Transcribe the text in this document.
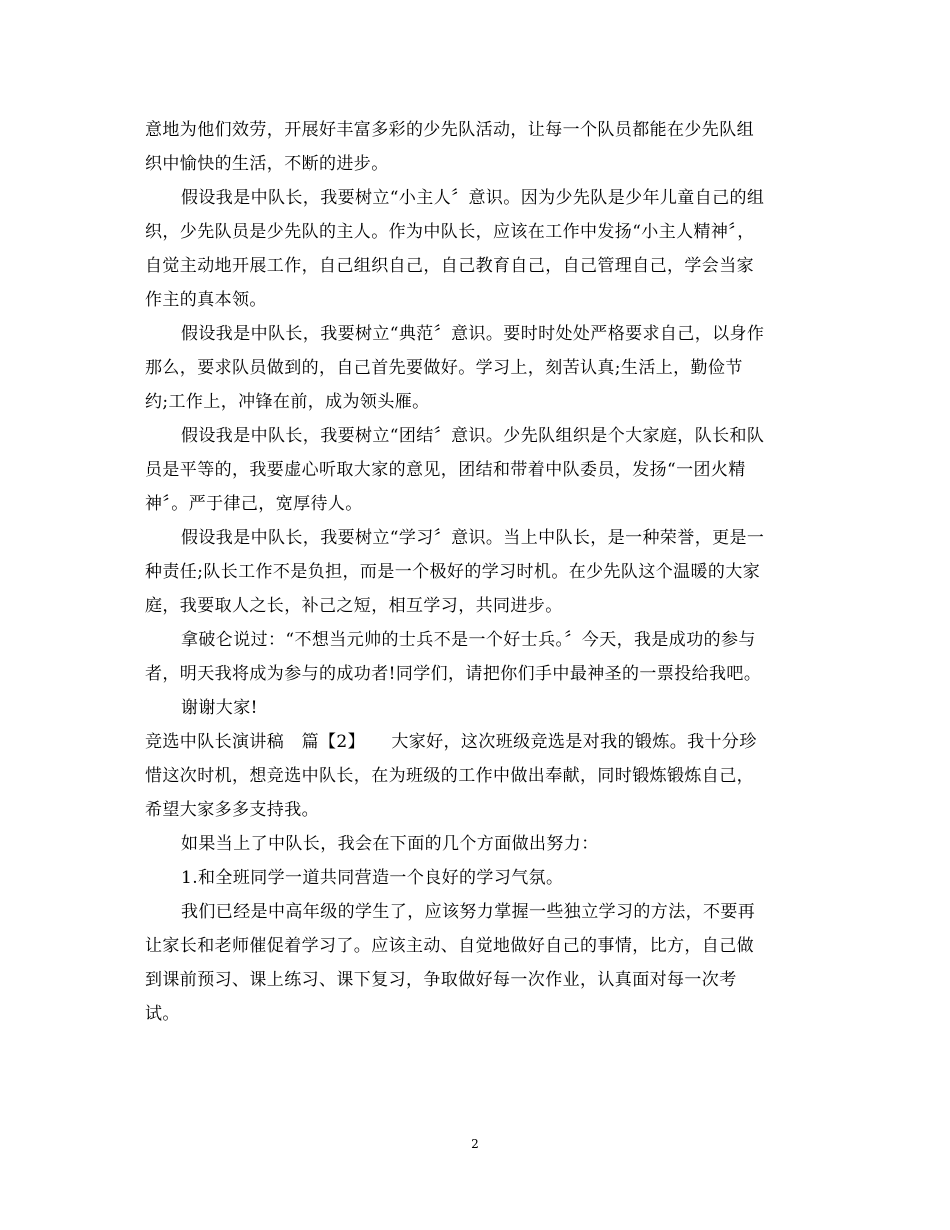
意地为他们效劳，开展好丰富多彩的少先队活动，让每一个队员都能在少先队组
织中愉快的生活，不断的进步。
假设我是中队长，我要树立“小主人〞意识。因为少先队是少年儿童自己的组
织，少先队员是少先队的主人。作为中队长，应该在工作中发扬“小主人精神〞，
自觉主动地开展工作，自己组织自己，自己教育自己，自己管理自己，学会当家
作主的真本领。
假设我是中队长，我要树立“典范〞意识。要时时处处严格要求自己，以身作
那么，要求队员做到的，自己首先要做好。学习上，刻苦认真;生活上，勤俭节
约;工作上，冲锋在前，成为领头雁。
假设我是中队长，我要树立“团结〞意识。少先队组织是个大家庭，队长和队
员是平等的，我要虚心听取大家的意见，团结和带着中队委员，发扬“一团火精
神〞。严于律己，宽厚待人。
假设我是中队长，我要树立“学习〞意识。当上中队长，是一种荣誉，更是一
种责任;队长工作不是负担，而是一个极好的学习时机。在少先队这个温暖的大家
庭，我要取人之长，补己之短，相互学习，共同进步。
拿破仑说过：“不想当元帅的士兵不是一个好士兵。〞今天，我是成功的参与
者，明天我将成为参与的成功者!同学们，请把你们手中最神圣的一票投给我吧。
谢谢大家!
竞选中队长演讲稿　篇【2】　　大家好，这次班级竞选是对我的锻炼。我十分珍
惜这次时机，想竞选中队长，在为班级的工作中做出奉献，同时锻炼锻炼自己，
希望大家多多支持我。
如果当上了中队长，我会在下面的几个方面做出努力：
1.和全班同学一道共同营造一个良好的学习气氛。
我们已经是中高年级的学生了，应该努力掌握一些独立学习的方法，不要再
让家长和老师催促着学习了。应该主动、自觉地做好自己的事情，比方，自己做
到课前预习、课上练习、课下复习，争取做好每一次作业，认真面对每一次考
试。
2
